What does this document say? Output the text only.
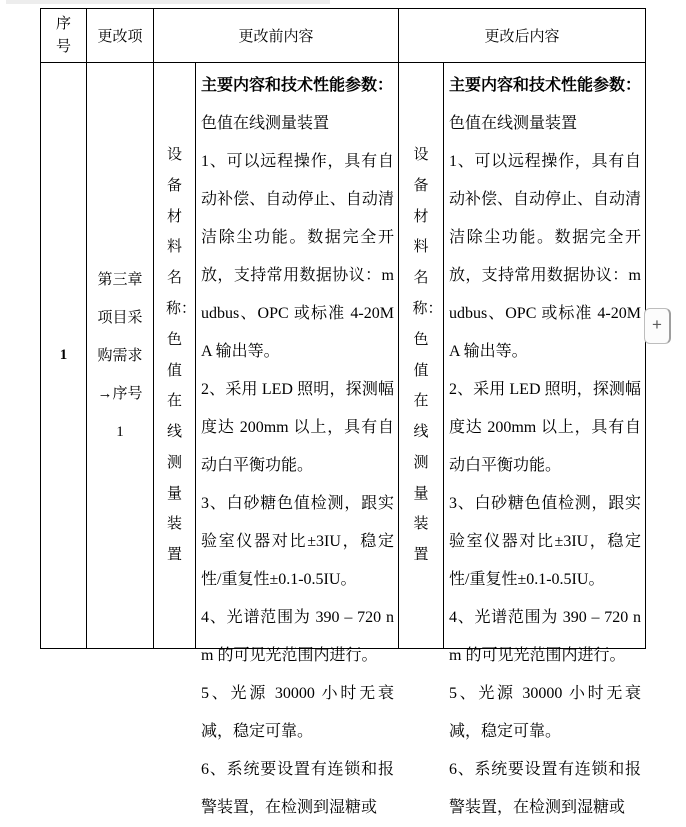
序号
更改项	更改前内容	更改后内容
1
第三章项目采购需求→序号1
设备材料名称：色值在线测量装置

主要内容和技术性能参数：

色值在线测量装置

1、可以远程操作，具有自动补偿、自动停止、自动清洁除尘功能。数据完全开放，支持常用数据协议：mudbus、OPC 或标准 4-20MA 输出等。

2、采用 LED 照明，探测幅度达 200mm 以上，具有自动白平衡功能。

3、白砂糖色值检测，跟实验室仪器对比±3IU，稳定性/重复性±0.1-0.5IU。

4、光谱范围为 390 – 720 nm 的可见光范围内进行。

5、光源 30000 小时无衰减，稳定可靠。

6、系统要设置有连锁和报警装置，在检测到湿糖或

设备材料名称：色值在线测量装置

主要内容和技术性能参数：

色值在线测量装置

1、可以远程操作，具有自动补偿、自动停止、自动清洁除尘功能。数据完全开放，支持常用数据协议：mudbus、OPC 或标准 4-20MA 输出等。

2、采用 LED 照明，探测幅度达 200mm 以上，具有自动白平衡功能。

3、白砂糖色值检测，跟实验室仪器对比±3IU，稳定性/重复性±0.1-0.5IU。

4、光谱范围为 390 – 720 nm 的可见光范围内进行。

5、光源 30000 小时无衰减，稳定可靠。

6、系统要设置有连锁和报警装置，在检测到湿糖或

+
